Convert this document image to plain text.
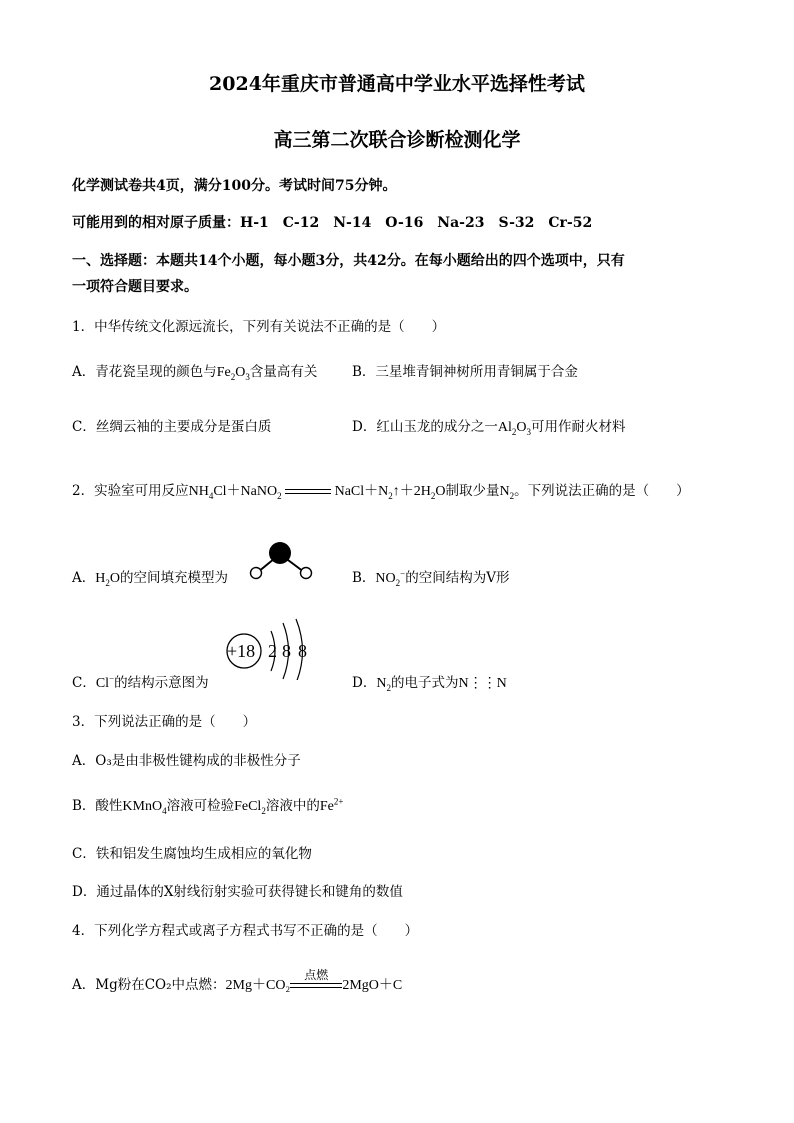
2024年重庆市普通高中学业水平选择性考试
高三第二次联合诊断检测化学
化学测试卷共4页，满分100分。考试时间75分钟。
可能用到的相对原子质量：H-1　C-12　N-14　O-16　Na-23　S-32　Cr-52
一、选择题：本题共14个小题，每小题3分，共42分。在每小题给出的四个选项中，只有
一项符合题目要求。
1．中华传统文化源远流长，下列有关说法不正确的是（　　）
A．青花瓷呈现的颜色与$Fe_2O_3$含量高有关	B．三星堆青铜神树所用青铜属于合金
C．丝绸云袖的主要成分是蛋白质	D．红山玉龙的成分之一$Al_2O_3$可用作耐火材料
2．实验室可用反应$NH_4Cl+NaNO_2$	$NaCl+N_2↑+2H_2O$制取少量$N_2$。下列说法正确的是（　　）
A．$H_2O$的空间填充模型为	B．$NO_2^-$的空间结构为V形
C．Cl−的结构示意图为
+18 2 8 8
D．$N_2$的电子式为N⋮⋮N
3．下列说法正确的是（　　）
A．O₃是由非极性键构成的非极性分子
B．酸性KMnO$_4$溶液可检验FeCl$_2$溶液中的$Fe^{2+}$
C．铁和铝发生腐蚀均生成相应的氧化物
D．通过晶体的X射线衍射实验可获得键长和键角的数值
4．下列化学方程式或离子方程式书写不正确的是（　　）
A．Mg粉在CO₂中点燃：2Mg＋CO₂
点燃
2MgO＋C
